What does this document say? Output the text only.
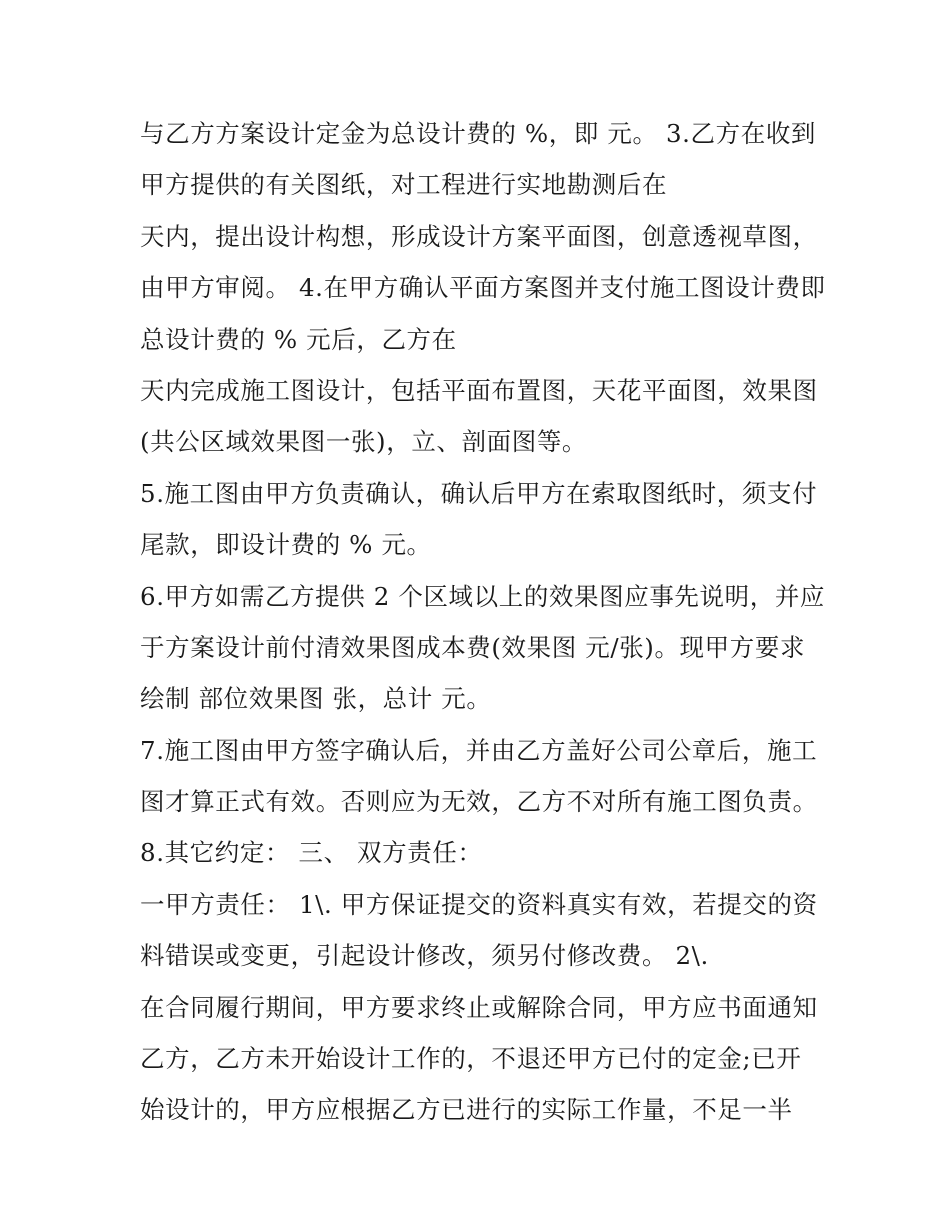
与乙方方案设计定金为总设计费的 %，即 元。 3.乙方在收到
甲方提供的有关图纸，对工程进行实地勘测后在
天内，提出设计构想，形成设计方案平面图，创意透视草图，
由甲方审阅。 4.在甲方确认平面方案图并支付施工图设计费即
总设计费的 % 元后，乙方在
天内完成施工图设计，包括平面布置图，天花平面图，效果图
(共公区域效果图一张)，立、剖面图等。
5.施工图由甲方负责确认，确认后甲方在索取图纸时，须支付
尾款，即设计费的 % 元。
6.甲方如需乙方提供 2 个区域以上的效果图应事先说明，并应
于方案设计前付清效果图成本费(效果图 元/张)。现甲方要求
绘制 部位效果图 张，总计 元。
7.施工图由甲方签字确认后，并由乙方盖好公司公章后，施工
图才算正式有效。否则应为无效，乙方不对所有施工图负责。
8.其它约定： 三、 双方责任：
一甲方责任： 1\. 甲方保证提交的资料真实有效，若提交的资
料错误或变更，引起设计修改，须另付修改费。 2\.
在合同履行期间，甲方要求终止或解除合同，甲方应书面通知
乙方，乙方未开始设计工作的，不退还甲方已付的定金;已开
始设计的，甲方应根据乙方已进行的实际工作量，不足一半
